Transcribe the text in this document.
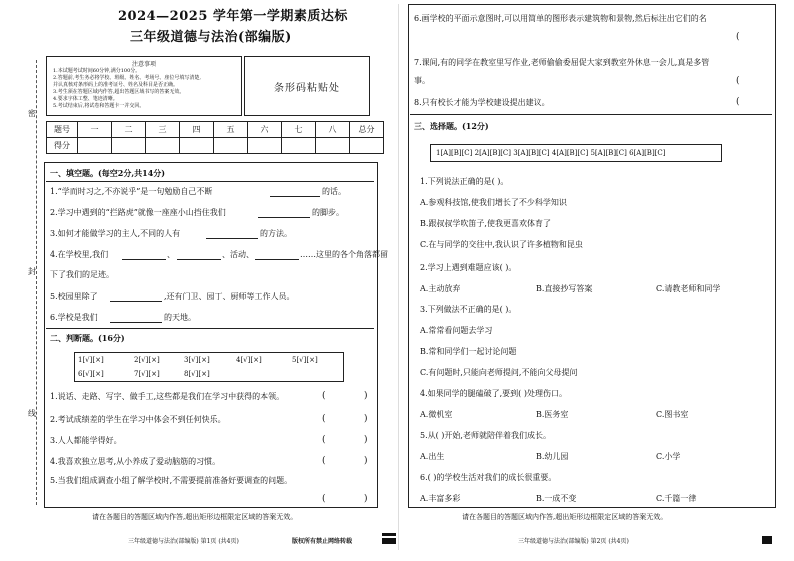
2024—2025 学年第一学期素质达标
三年级道德与法治(部编版)
密
封
线
注意事项
1.本试题考试时间60分钟,满分100分。
2.答题前,考生务必将学校、班级、姓名、考场号、座位号填写清楚,
并认真核对条形码上的准考证号、姓名及科目是否正确。
3.考生须在答题区域内作答,超出答题区域书写的答案无效。
4.要求字体工整、笔迹清晰。
5.考试结束后,将试卷和答题卡一并交回。
条形码粘贴处
题号	一	二	三	四	五	六	七	八	总分
得分									
一、填空题。(每空2分,共14分)
1.“学而时习之,不亦说乎”是一句勉励自己不断	的话。
2.学习中遇到的“拦路虎”就像一座座小山挡住我们	的脚步。
3.如何才能做学习的主人,不同的人有	的方法。
4.在学校里,我们	、	、活动、	……这里的各个角落都留
下了我们的足迹。
5.校园里除了	,还有门卫、园丁、厨师等工作人员。
6.学校是我们	的天地。
二、判断题。(16分)
1[√][×]	2[√][×]	3[√][×]	4[√][×]	5[√][×]
6[√][×]	7[√][×]	8[√][×]
1.说话、走路、写字、做手工,这些都是我们在学习中获得的本领。	(	)
2.考试成绩差的学生在学习中体会不到任何快乐。	(	)
3.人人都能学得好。	(	)
4.我喜欢独立思考,从小养成了爱动脑筋的习惯。	(	)
5.当我们组成调查小组了解学校时,不需要提前准备好要调查的问题。
(	)
请在各题目的答题区域内作答,超出矩形边框限定区域的答案无效。
三年级道德与法治(部编版) 第1页 (共4页)	版权所有禁止网络转载
6.画学校的平面示意图时,可以用简单的图形表示建筑物和景物,然后标注出它们的名
(
7.课间,有的同学在教室里写作业,老师偷偷委屈促大家到教室外休息一会儿,真是多管
事。	(
8.只有校长才能为学校建设提出建议。	(
三、选择题。(12分)
1[A][B][C] 2[A][B][C] 3[A][B][C] 4[A][B][C] 5[A][B][C] 6[A][B][C]
1.下列说法正确的是( )。
A.参观科技馆,使我们增长了不少科学知识
B.跟叔叔学吹笛子,使我更喜欢体育了
C.在与同学的交往中,我认识了许多植物和昆虫
2.学习上遇到难题应该( )。
A.主动放弃	B.直接抄写答案	C.请教老师和同学
3.下列做法不正确的是( )。
A.常常看问题去学习
B.常和同学们一起讨论问题
C.有问题时,只能向老师提问,不能向父母提问
4.如果同学的腿磕破了,要到( )处理伤口。
A.微机室	B.医务室	C.图书室
5.从( )开始,老师就陪伴着我们成长。
A.出生	B.幼儿园	C.小学
6.( )的学校生活对我们的成长很重要。
A.丰富多彩	B.一成不变	C.千篇一律
请在各题目的答题区域内作答,超出矩形边框限定区域的答案无效。
三年级道德与法治(部编版) 第2页 (共4页)
